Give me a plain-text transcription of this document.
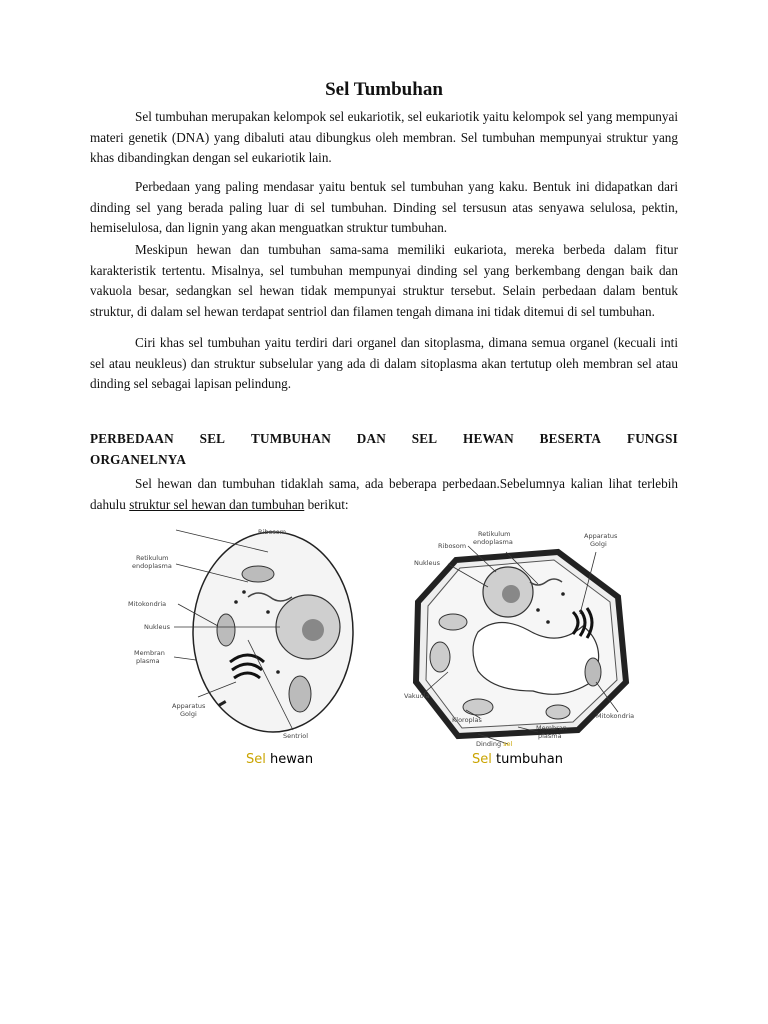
Sel Tumbuhan

Sel tumbuhan merupakan kelompok sel eukariotik, sel eukariotik yaitu kelompok sel yang mempunyai materi genetik (DNA) yang dibaluti atau dibungkus oleh membran. Sel tumbuhan mempunyai struktur yang khas dibandingkan dengan sel eukariotik lain.

Perbedaan yang paling mendasar yaitu bentuk sel tumbuhan yang kaku. Bentuk ini didapatkan dari dinding sel yang berada paling luar di sel tumbuhan. Dinding sel tersusun atas senyawa selulosa, pektin, hemiselulosa, dan lignin yang akan menguatkan struktur tumbuhan.

Meskipun hewan dan tumbuhan sama-sama memiliki eukariota, mereka berbeda dalam fitur karakteristik tertentu. Misalnya, sel tumbuhan mempunyai dinding sel yang berkembang dengan baik dan vakuola besar, sedangkan sel hewan tidak mempunyai struktur tersebut. Selain perbedaan dalam bentuk struktur, di dalam sel hewan terdapat sentriol dan filamen tengah dimana ini tidak ditemui di sel tumbuhan.

Ciri khas sel tumbuhan yaitu terdiri dari organel dan sitoplasma, dimana semua organel (kecuali inti sel atau neukleus) dan struktur subselular yang ada di dalam sitoplasma akan tertutup oleh membran sel atau dinding sel sebagai lapisan pelindung.

PERBEDAAN SEL TUMBUHAN DAN SEL HEWAN BESERTA FUNGSI
ORGANELNYA

Sel hewan dan tumbuhan tidaklah sama, ada beberapa perbedaan.Sebelumnya kalian lihat terlebih dahulu struktur sel hewan dan tumbuhan berikut:

Ribosom
Retikulum
endoplasma
Mitokondria
Nukleus
Membran
plasma
Apparatus
Golgi
Sentriol
Sel hewan
Retikulum
endoplasma
Apparatus
Golgi
Ribosom
Nukleus
Vakuola
Kloroplas
Membran
plasma
Mitokondria
Dinding sel
Sel tumbuhan
